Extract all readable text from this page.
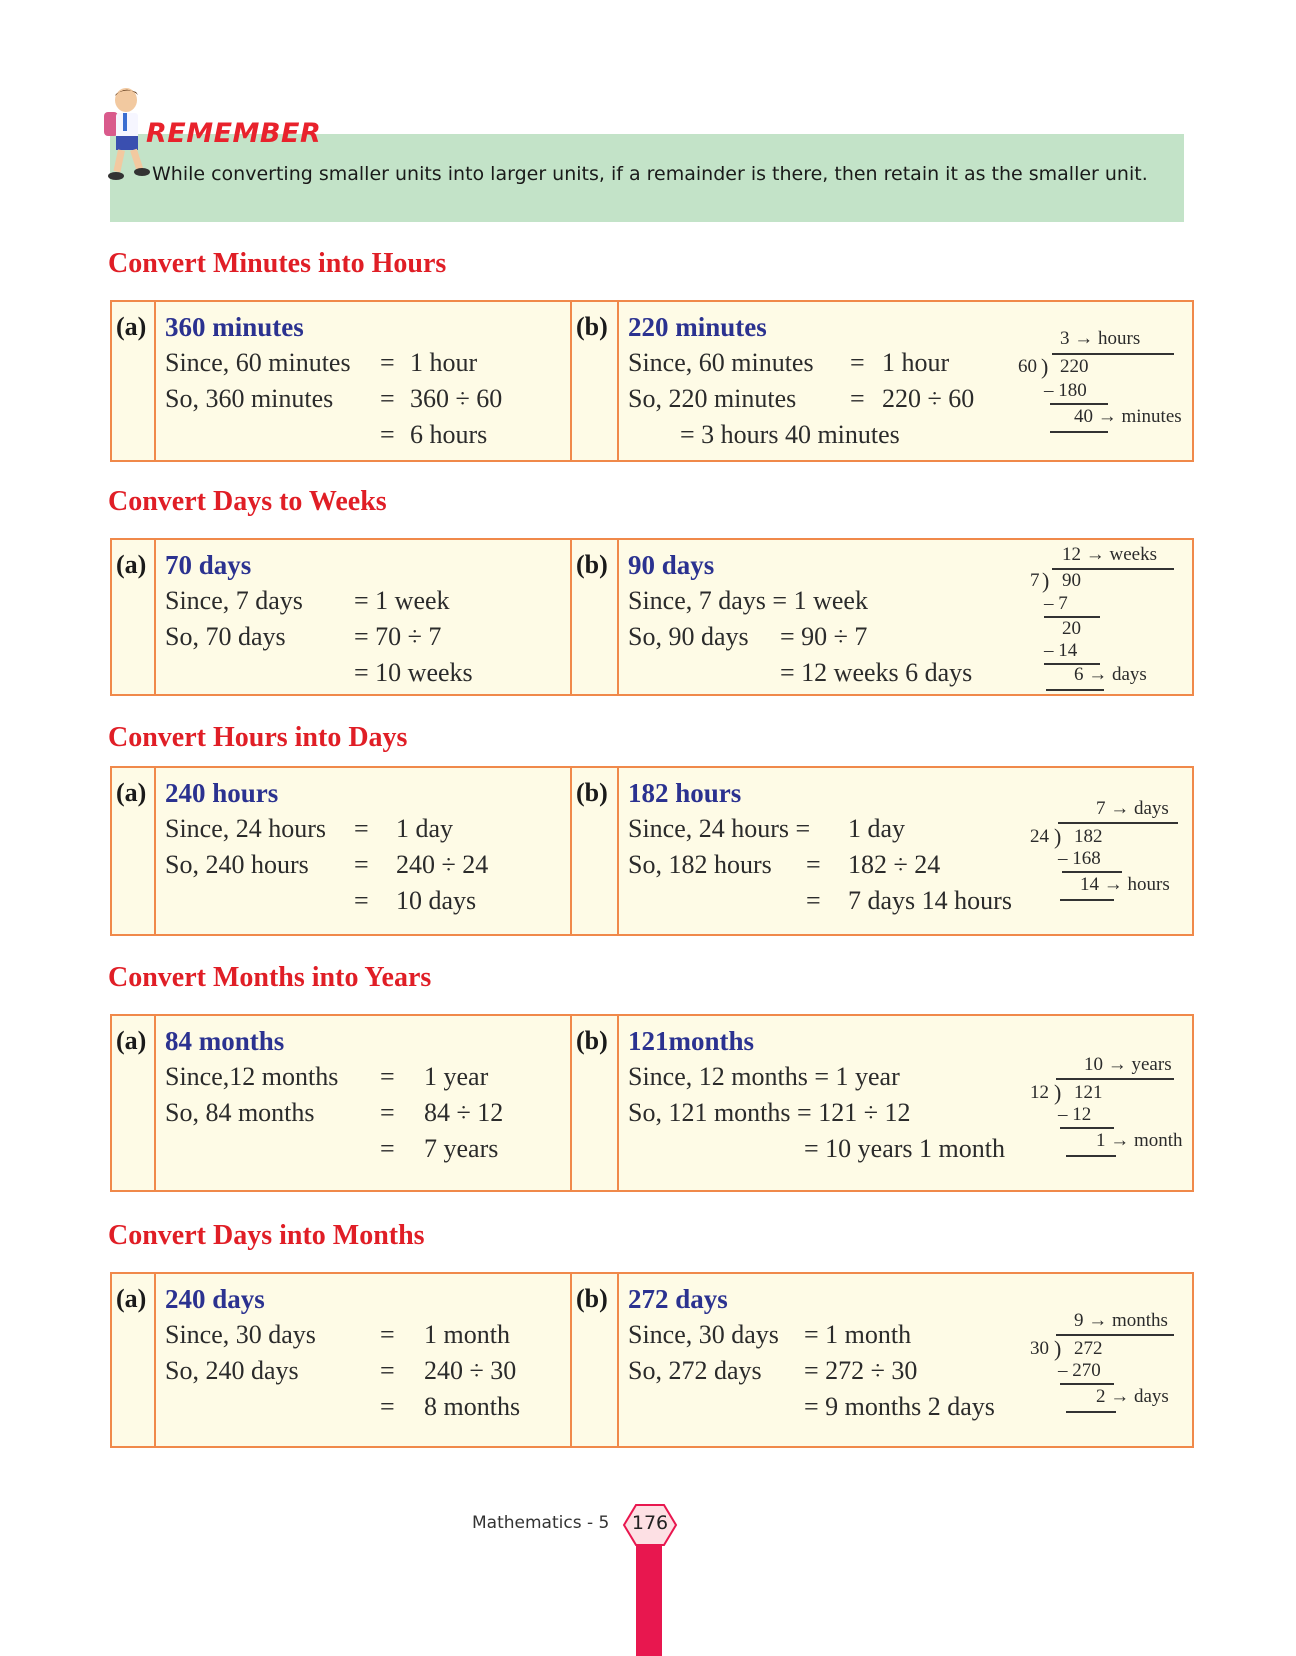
REMEMBER
While converting smaller units into larger units, if a remainder is there, then retain it as the smaller unit.
Convert Minutes into Hours
(a) 360 minutes
Since, 60 minutes = 1 hour
So, 360 minutes = 360 ÷ 60
= 6 hours
(b) 220 minutes
Since, 60 minutes = 1 hour
So, 220 minutes = 220 ÷ 60
= 3 hours 40 minutes
3 → hours
60 ) 220
– 180
40 → minutes
Convert Days to Weeks
(a) 70 days
Since, 7 days = 1 week
So, 70 days	= 70 ÷ 7
= 10 weeks
(b) 90 days
Since, 7 days = 1 week
So, 90 days = 90 ÷ 7
= 12 weeks 6 days
12 → weeks
7 ) 90
– 7
20
– 14
6 → days
Convert Hours into Days
(a) 240 hours
Since, 24 hours = 1 day
So, 240 hours = 240 ÷ 24
= 10 days
(b) 182 hours
Since, 24 hours = 1 day
So, 182 hours = 182 ÷ 24
= 7 days 14 hours
7 → days
24 ) 182
– 168
14 → hours
Convert Months into Years
(a) 84 months
Since,12 months = 1 year
So, 84 months	= 84 ÷ 12
= 7 years
(b) 121months
Since, 12 months = 1 year
So, 121 months = 121 ÷ 12
= 10 years 1 month
10 → years
12 ) 121
– 12
1 → month
Convert Days into Months
(a) 240 days
Since, 30 days = 1 month
So, 240 days	= 240 ÷ 30
= 8 months
(b) 272 days
Since, 30 days = 1 month
So, 272 days = 272 ÷ 30
= 9 months 2 days
9 → months
30 ) 272
– 270
2 → days
Mathematics - 5	176
